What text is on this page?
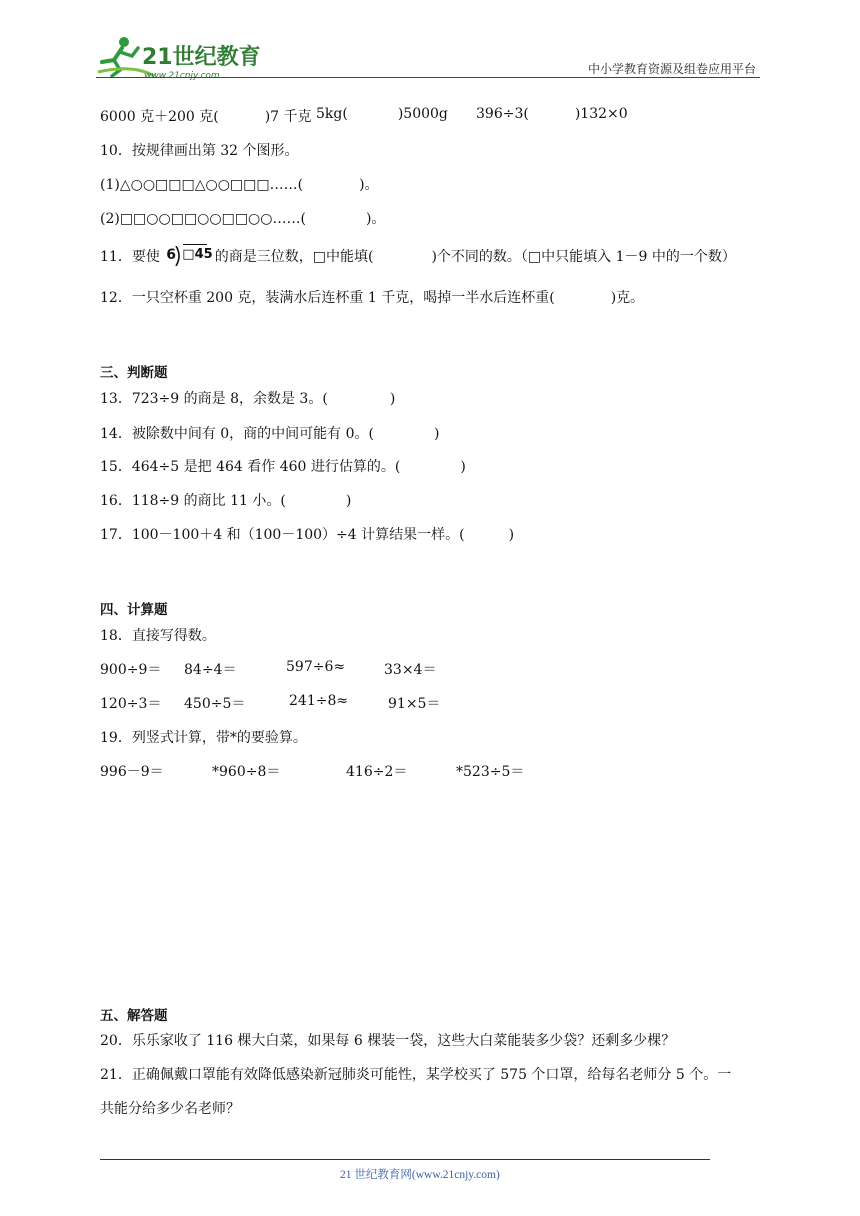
21世纪教育
www.21cnjy.com	中小学教育资源及组卷应用平台
6000 克＋200 克(	)7 千克 5kg(	)5000g 396÷3(	)132×0
10．按规律画出第 32 个图形。
(1)△○○□□□△○○□□□……(	)。
(2)□□○○□□○○□□○○……(	)。
11．要使 6 □45 的商是三位数，□中能填(	)个不同的数。（□中只能填入 1－9 中的一个数）
12．一只空杯重 200 克，装满水后连杯重 1 千克，喝掉一半水后连杯重(	)克。
三、判断题
13．723÷9 的商是 8，余数是 3。(	)
14．被除数中间有 0，商的中间可能有 0。(	)
15．464÷5 是把 464 看作 460 进行估算的。(	)
16．118÷9 的商比 11 小。(	)
17．100－100＋4 和（100－100）÷4 计算结果一样。(	)
四、计算题
18．直接写得数。
900÷9＝ 84÷4＝	597÷6≈	33×4＝
120÷3＝ 450÷5＝	241÷8≈	91×5＝
19．列竖式计算，带*的要验算。
996－9＝	*960÷8＝	416÷2＝	*523÷5＝
五、解答题
20．乐乐家收了 116 棵大白菜，如果每 6 棵装一袋，这些大白菜能装多少袋？还剩多少棵？
21．正确佩戴口罩能有效降低感染新冠肺炎可能性，某学校买了 575 个口罩，给每名老师分 5 个。一
共能分给多少名老师？
21 世纪教育网(www.21cnjy.com)
